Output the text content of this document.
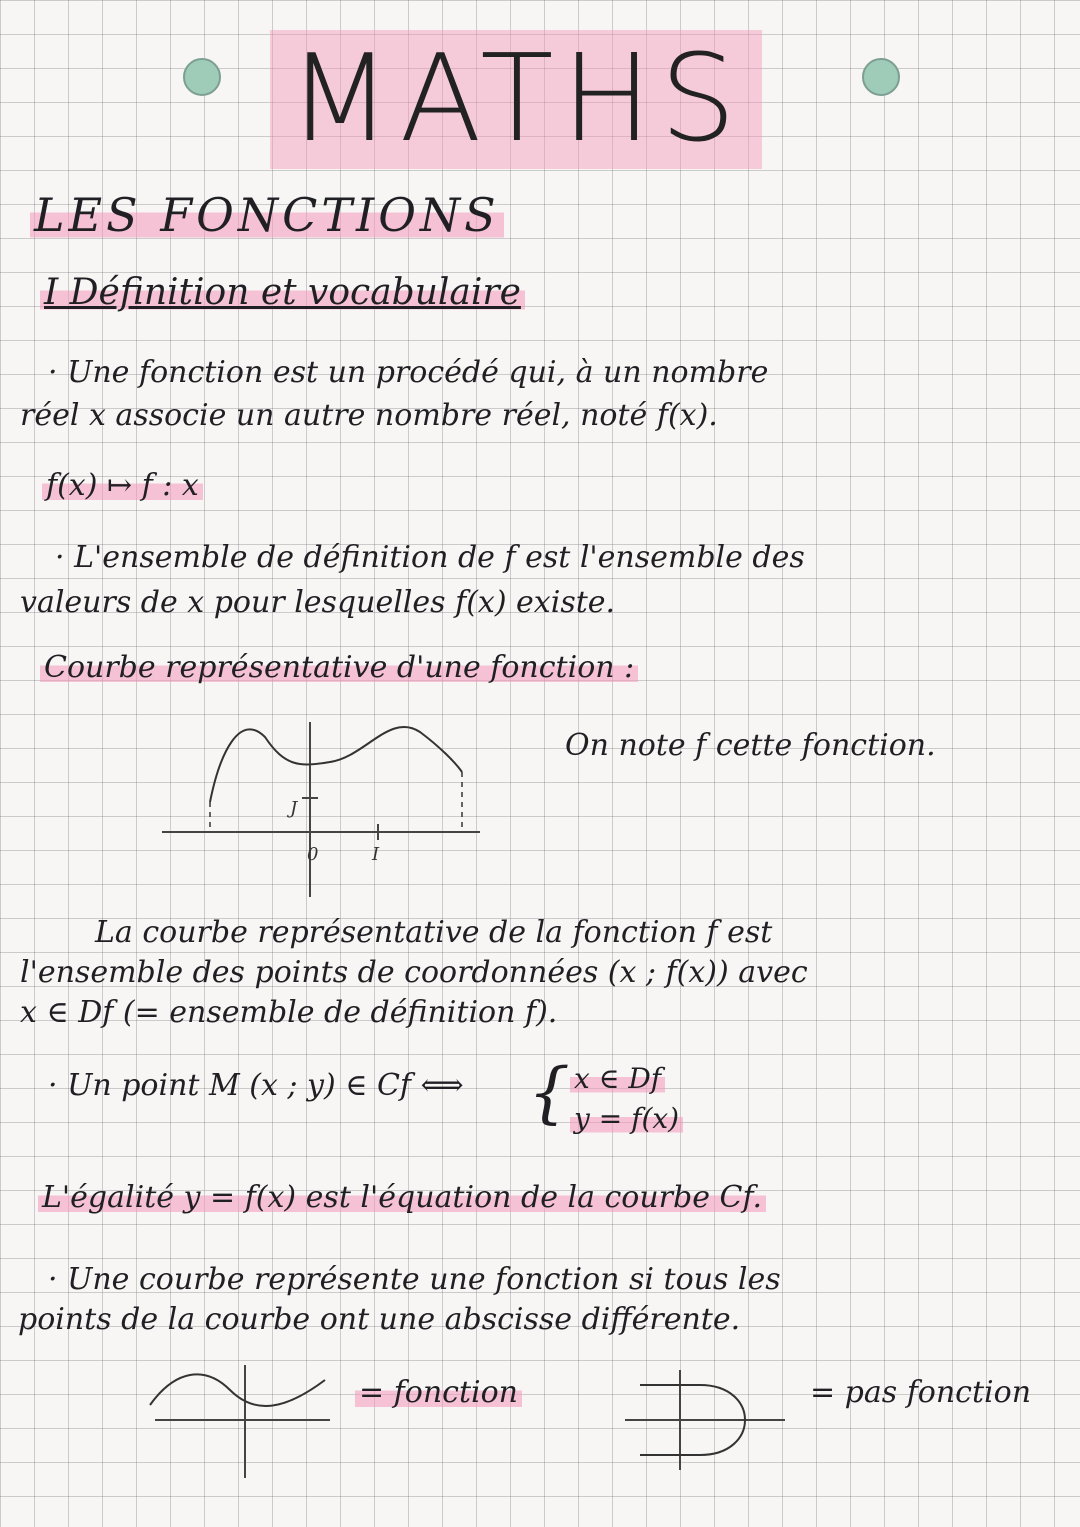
MATHS
LES FONCTIONS
I Définition et vocabulaire
· Une fonction est un procédé qui, à un nombre
réel x associe un autre nombre réel, noté f(x).
f(x) ↦ f : x
· L'ensemble de définition de f est l'ensemble des
valeurs de x pour lesquelles f(x) existe.
Courbe représentative d'une fonction :
0	I
J
On note f cette fonction.
La courbe représentative de la fonction f est
l'ensemble des points de coordonnées (x ; f(x)) avec
x ∈ Df (= ensemble de définition f).
· Un point M (x ; y) ∈ Cf ⟺ { x ∈ Df
y = f(x)
L'égalité y = f(x) est l'équation de la courbe Cf.
· Une courbe représente une fonction si tous les
points de la courbe ont une abscisse différente.
= fonction	= pas fonction
